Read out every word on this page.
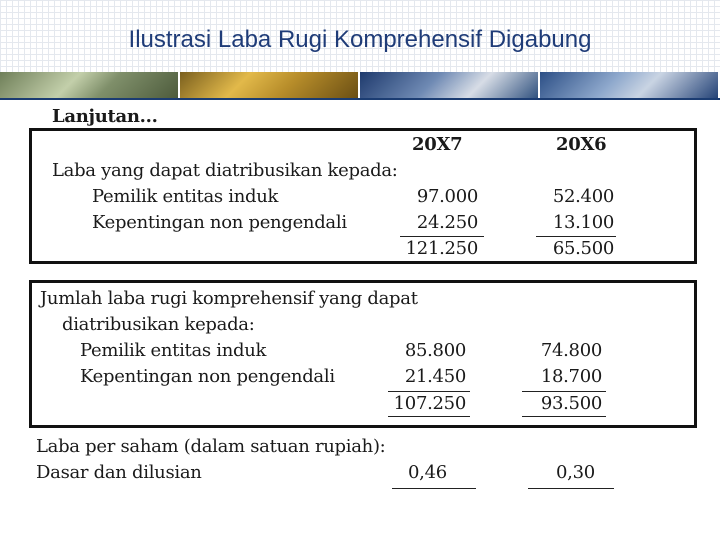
Ilustrasi Laba Rugi Komprehensif Digabung
Lanjutan...
20X7	20X6
Laba yang dapat diatribusikan kepada:
Pemilik entitas induk	97.000	52.400
Kepentingan non pengendali	24.250	13.100
121.250	65.500
Jumlah laba rugi komprehensif yang dapat
diatribusikan kepada:
Pemilik entitas induk	85.800	74.800
Kepentingan non pengendali	21.450	18.700
107.250	93.500
Laba per saham (dalam satuan rupiah):
Dasar dan dilusian	0,46	0,30
